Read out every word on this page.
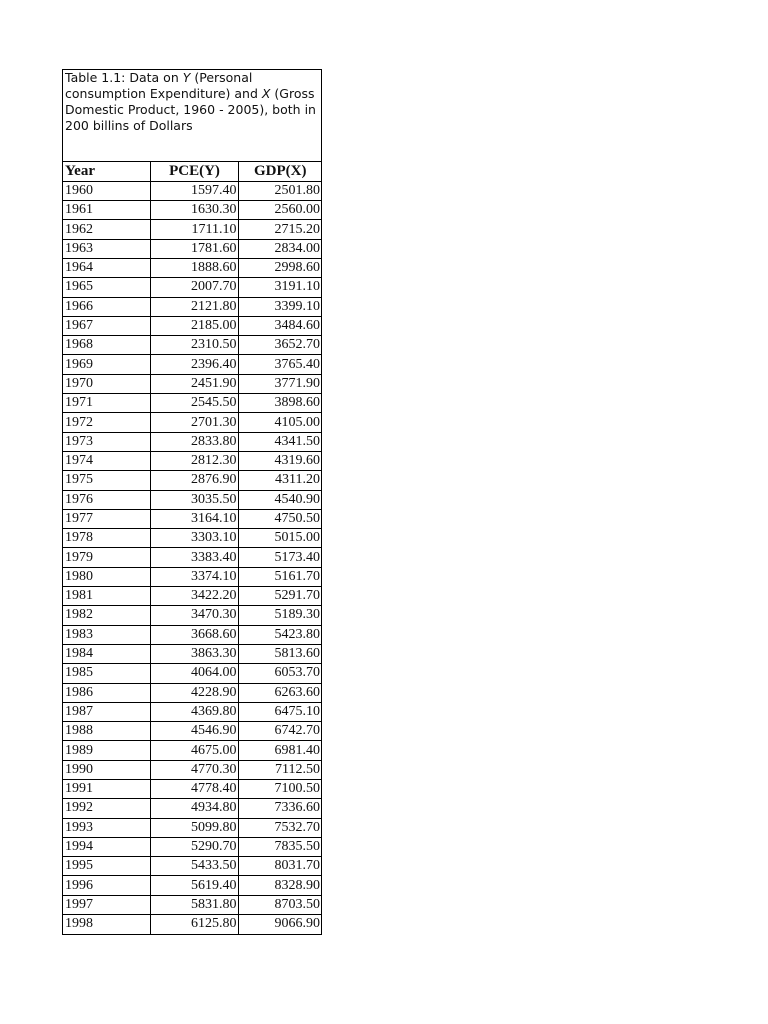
Table 1.1: Data on Y (Personal consumption Expenditure) and X (Gross Domestic Product, 1960 - 2005), both in 200 billins of Dollars
Year	PCE(Y)	GDP(X)
1960	1597.40	2501.80
1961	1630.30	2560.00
1962	1711.10	2715.20
1963	1781.60	2834.00
1964	1888.60	2998.60
1965	2007.70	3191.10
1966	2121.80	3399.10
1967	2185.00	3484.60
1968	2310.50	3652.70
1969	2396.40	3765.40
1970	2451.90	3771.90
1971	2545.50	3898.60
1972	2701.30	4105.00
1973	2833.80	4341.50
1974	2812.30	4319.60
1975	2876.90	4311.20
1976	3035.50	4540.90
1977	3164.10	4750.50
1978	3303.10	5015.00
1979	3383.40	5173.40
1980	3374.10	5161.70
1981	3422.20	5291.70
1982	3470.30	5189.30
1983	3668.60	5423.80
1984	3863.30	5813.60
1985	4064.00	6053.70
1986	4228.90	6263.60
1987	4369.80	6475.10
1988	4546.90	6742.70
1989	4675.00	6981.40
1990	4770.30	7112.50
1991	4778.40	7100.50
1992	4934.80	7336.60
1993	5099.80	7532.70
1994	5290.70	7835.50
1995	5433.50	8031.70
1996	5619.40	8328.90
1997	5831.80	8703.50
1998	6125.80	9066.90
